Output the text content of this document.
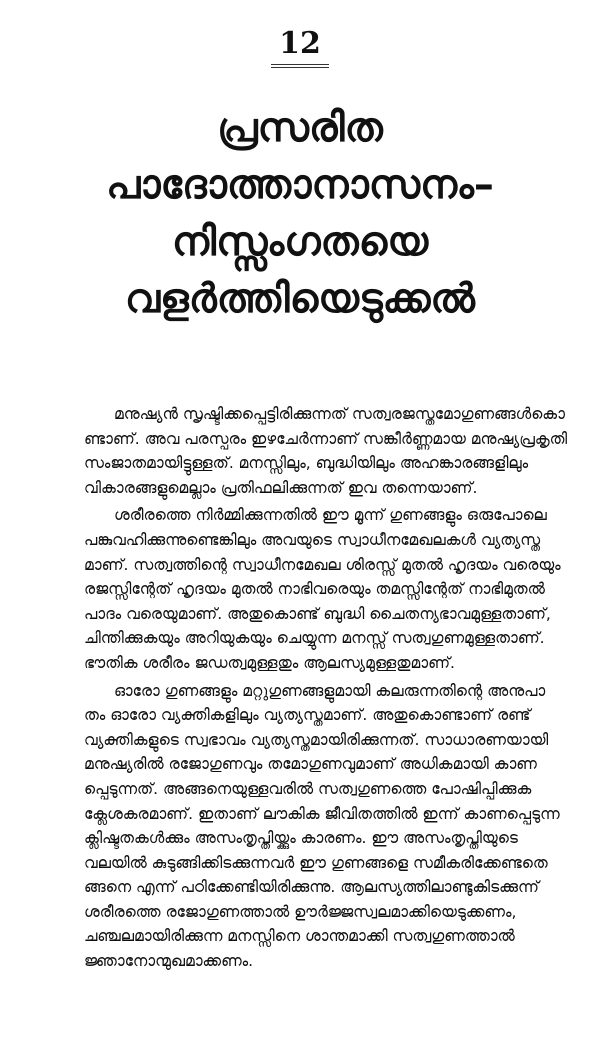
12
പ്രസരിത
പാദോത്താനാസനം–
നിസ്സംഗതയെ
വളർത്തിയെടുക്കൽ

മനുഷ്യൻ സൃഷ്ടിക്കപ്പെട്ടിരിക്കുന്നത് സത്വരജസ്തമോഗുണങ്ങൾകൊ
ണ്ടാണ്. അവ പരസ്പരം ഇഴചേർന്നാണ് സങ്കീർണ്ണമായ മനുഷ്യപ്രകൃതി
സംജാതമായിട്ടുള്ളത്. മനസ്സിലും, ബുദ്ധിയിലും അഹങ്കാരങ്ങളിലും
വികാരങ്ങളുമെല്ലാം പ്രതിഫലിക്കുന്നത് ഇവ തന്നെയാണ്.

ശരീരത്തെ നിർമ്മിക്കുന്നതിൽ ഈ മൂന്ന് ഗുണങ്ങളും ഒരുപോലെ
പങ്കുവഹിക്കുന്നുണ്ടെങ്കിലും അവയുടെ സ്വാധീനമേഖലകൾ വ്യത്യസ്ത
മാണ്. സത്വത്തിന്റെ സ്വാധീനമേഖല ശിരസ്സ് മുതൽ ഹൃദയം വരെയും
രജസ്സിന്റേത് ഹൃദയം മുതൽ നാഭിവരെയും തമസ്സിന്റേത് നാഭിമുതൽ
പാദം വരെയുമാണ്. അതുകൊണ്ട് ബുദ്ധി ചൈതന്യഭാവമുള്ളതാണ്,
ചിന്തിക്കുകയും അറിയുകയും ചെയ്യുന്ന മനസ്സ് സത്വഗുണമുള്ളതാണ്.
ഭൗതിക ശരീരം ജഡത്വമുള്ളതും ആലസ്യമുള്ളതുമാണ്.

ഓരോ ഗുണങ്ങളും മറ്റുഗുണങ്ങളുമായി കലരുന്നതിന്റെ അനുപാ
തം ഓരോ വ്യക്തികളിലും വ്യത്യസ്തമാണ്. അതുകൊണ്ടാണ് രണ്ട്
വ്യക്തികളുടെ സ്വഭാവം വ്യത്യസ്തമായിരിക്കുന്നത്. സാധാരണയായി
മനുഷ്യരിൽ രജോഗുണവും തമോഗുണവുമാണ് അധികമായി കാണ
പ്പെടുന്നത്. അങ്ങനെയുള്ളവരിൽ സത്വഗുണത്തെ പോഷിപ്പിക്കുക
ക്ലേശകരമാണ്. ഇതാണ് ലൗകിക ജീവിതത്തിൽ ഇന്ന് കാണപ്പെടുന്ന
ക്ലിഷ്ടതകൾക്കും അസംതൃപ്തിയ്ക്കും കാരണം. ഈ അസംതൃപ്തിയുടെ
വലയിൽ കുടുങ്ങിക്കിടക്കുന്നവർ ഈ ഗുണങ്ങളെ സമീകരിക്കേണ്ടതെ
ങ്ങനെ എന്ന് പഠിക്കേണ്ടിയിരിക്കുന്നു. ആലസ്യത്തിലാണ്ടുകിടക്കുന്ന്
ശരീരത്തെ രജോഗുണത്താൽ ഊർജ്ജസ്വലമാക്കിയെടുക്കണം,
ചഞ്ചലമായിരിക്കുന്ന മനസ്സിനെ ശാന്തമാക്കി സത്വഗുണത്താൽ
ജ്ഞാനോന്മുഖമാക്കണം.
